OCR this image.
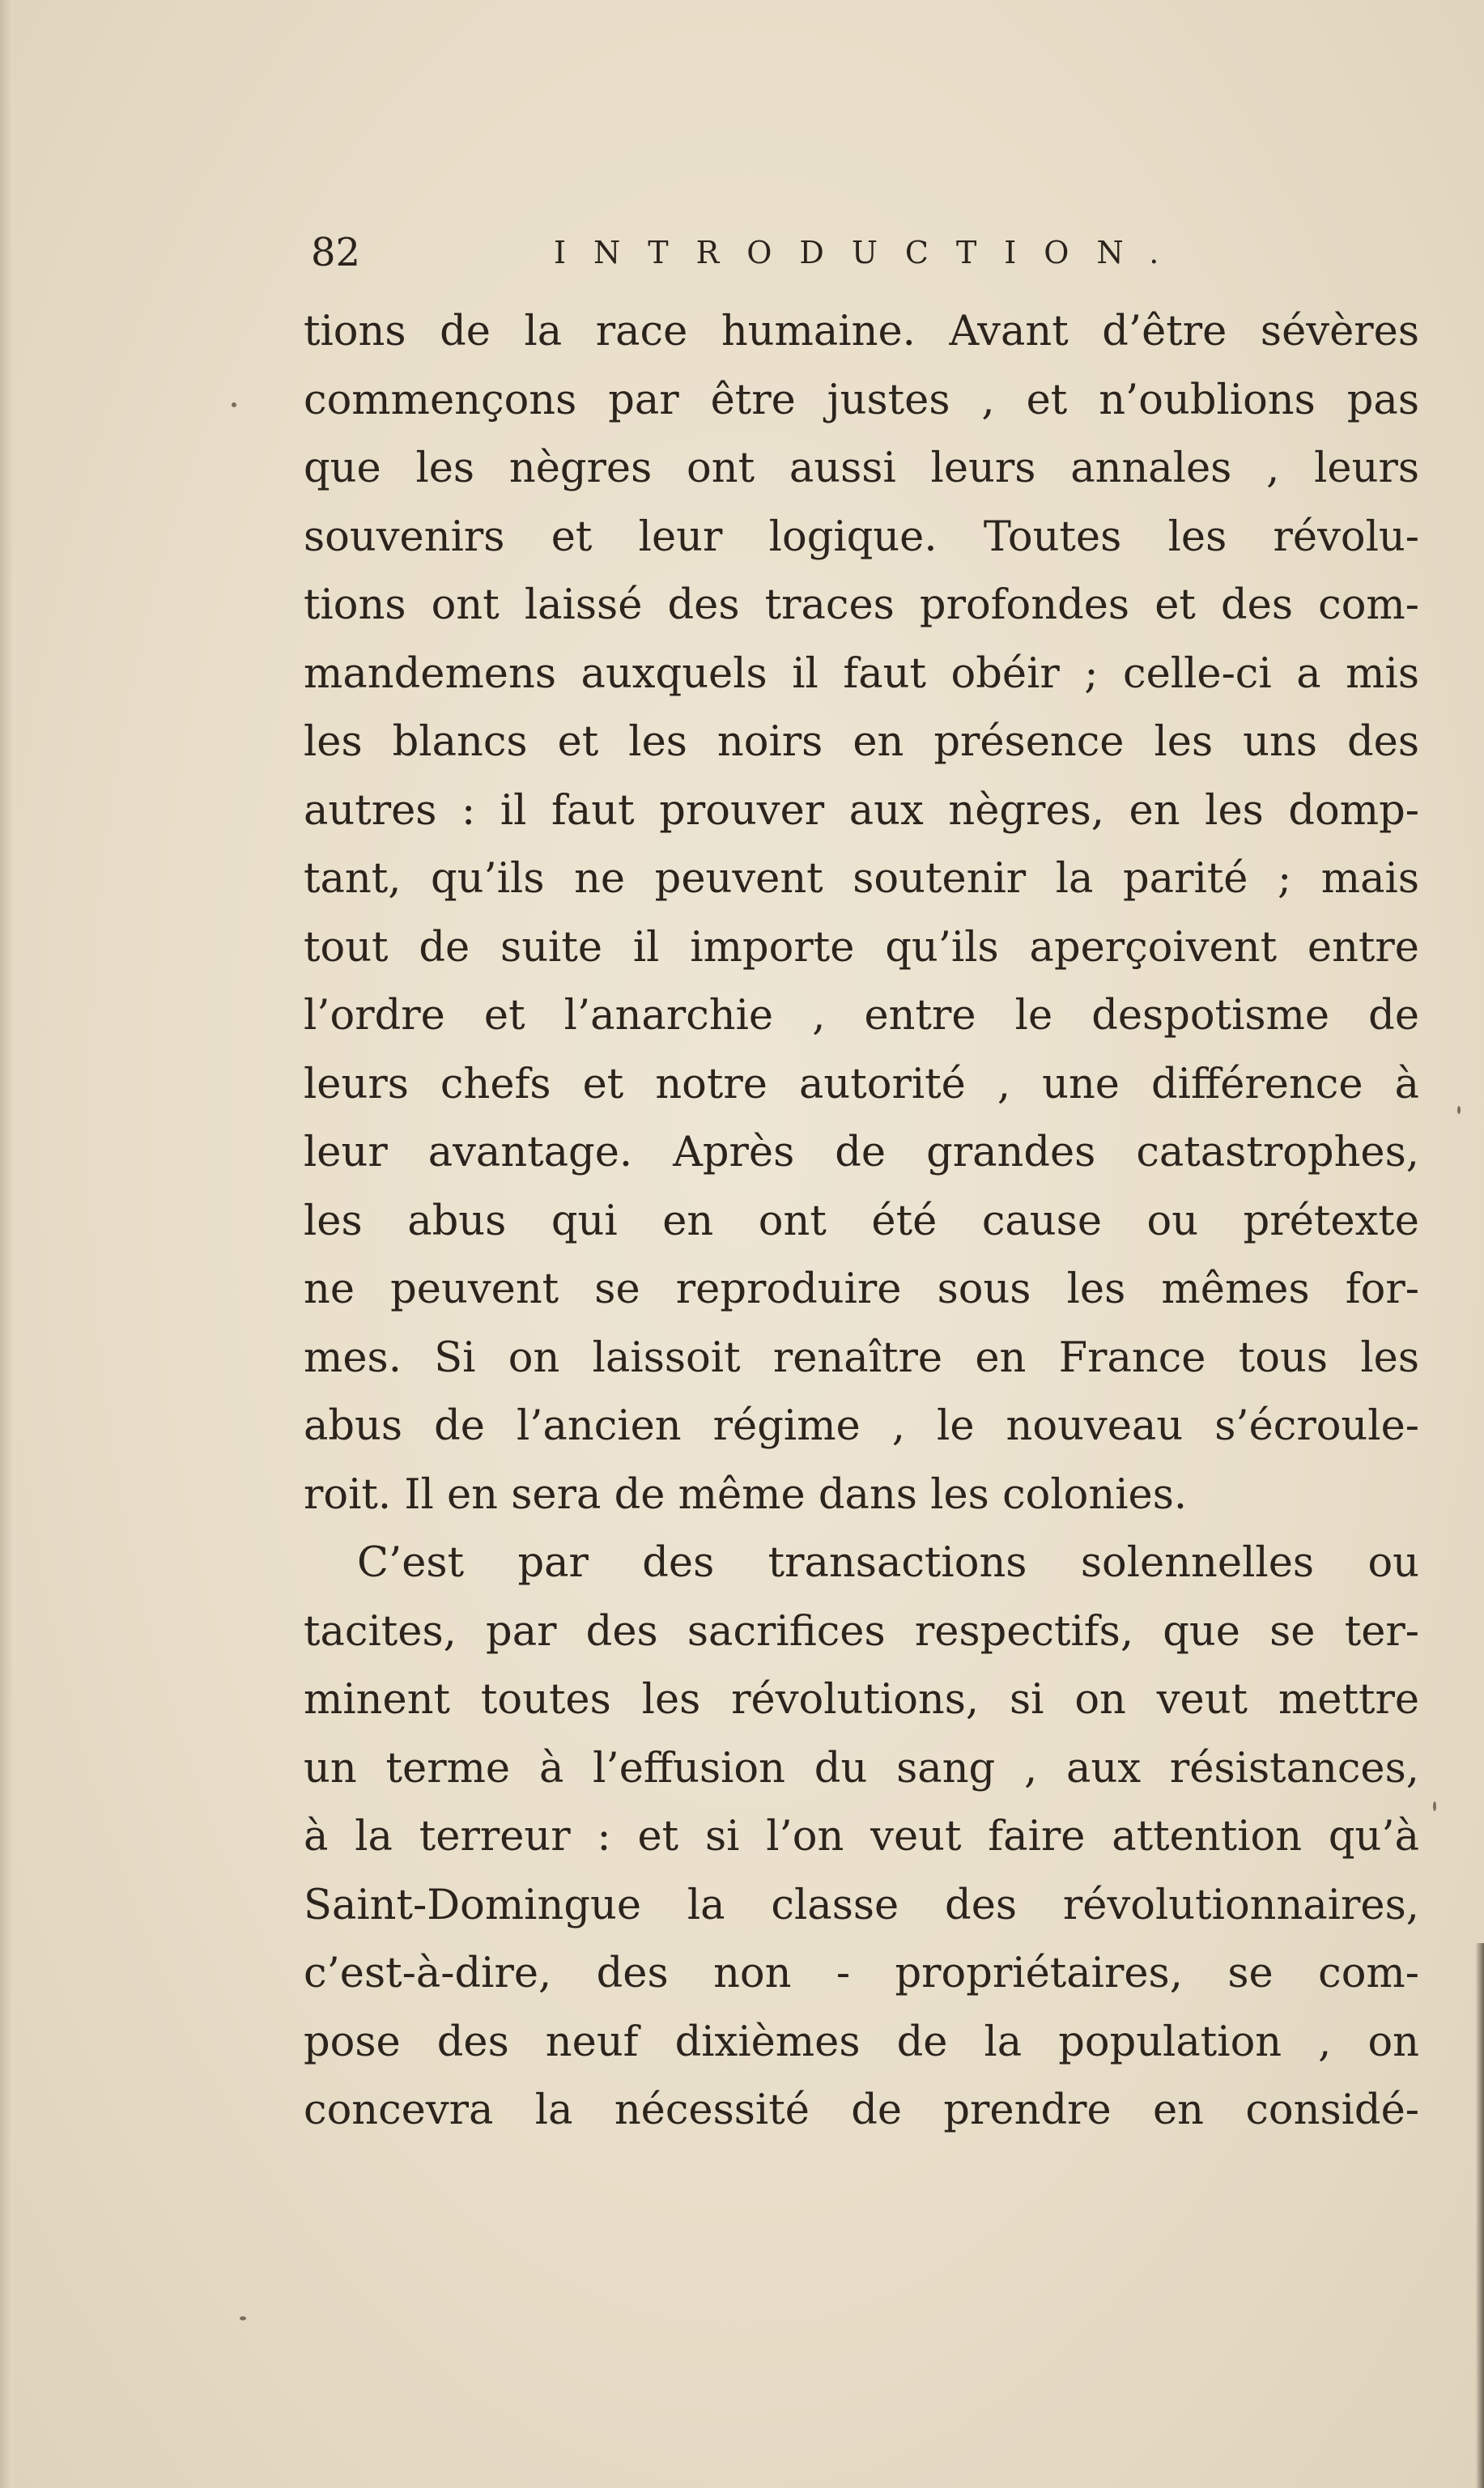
82	INTRODUCTION.
tions de la race humaine. Avant d’être sévères
commençons par être justes , et n’oublions pas
que les nègres ont aussi leurs annales , leurs
souvenirs et leur logique. Toutes les révolu-
tions ont laissé des traces profondes et des com-
mandemens auxquels il faut obéir ; celle-ci a mis
les blancs et les noirs en présence les uns des
autres : il faut prouver aux nègres, en les domp-
tant, qu’ils ne peuvent soutenir la parité ; mais
tout de suite il importe qu’ils aperçoivent entre
l’ordre et l’anarchie , entre le despotisme de
leurs chefs et notre autorité , une différence à
leur avantage. Après de grandes catastrophes,
les abus qui en ont été cause ou prétexte
ne peuvent se reproduire sous les mêmes for-
mes. Si on laissoit renaître en France tous les
abus de l’ancien régime , le nouveau s’écroule-
roit. Il en sera de même dans les colonies.
C’est par des transactions solennelles ou
tacites, par des sacrifices respectifs, que se ter-
minent toutes les révolutions, si on veut mettre
un terme à l’effusion du sang , aux résistances,
à la terreur : et si l’on veut faire attention qu’à
Saint-Domingue la classe des révolutionnaires,
c’est-à-dire, des non - propriétaires, se com-
pose des neuf dixièmes de la population , on
concevra la nécessité de prendre en considé-
